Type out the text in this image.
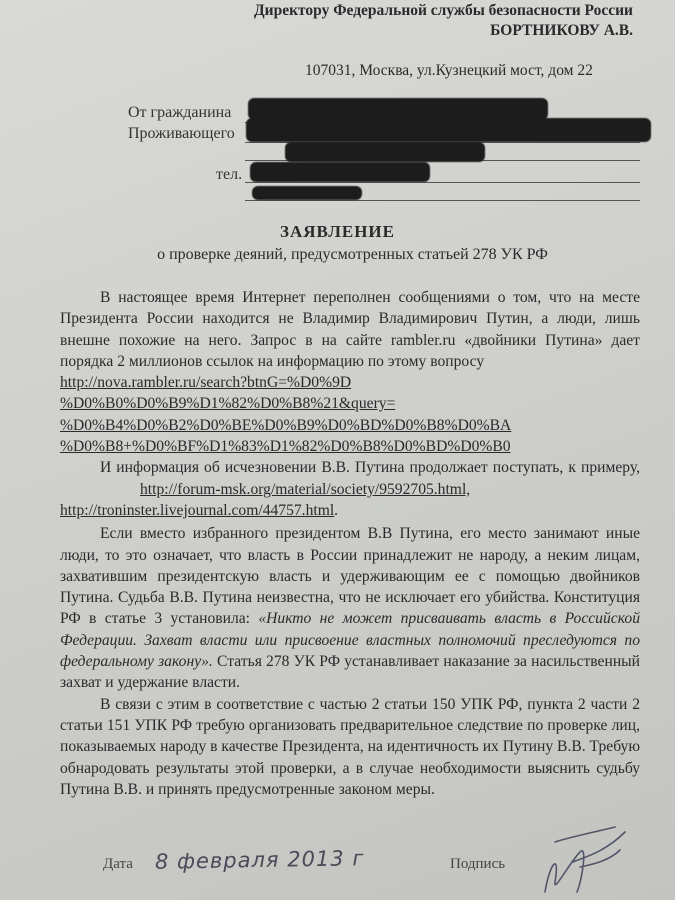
Директору Федеральной службы безопасности России
БОРТНИКОВУ А.В.
107031, Москва, ул.Кузнецкий мост, дом 22
От гражданина
Проживающего
тел.
ЗАЯВЛЕНИЕ
о проверке деяний, предусмотренных статьей 278 УК РФ

В настоящее время Интернет переполнен сообщениями о том, что на месте Президента России находится не Владимир Владимирович Путин, а люди, лишь внешне похожие на него. Запрос в на сайте rambler.ru «двойники Путина» дает порядка 2 миллионов ссылок на информацию по этому вопросу
http://nova.rambler.ru/search?btnG=%D0%9D
%D0%B0%D0%B9%D1%82%D0%B8%21&query=
%D0%B4%D0%B2%D0%BE%D0%B9%D0%BD%D0%B8%D0%BA
%D0%B8+%D0%BF%D1%83%D1%82%D0%B8%D0%BD%D0%B0

И информация об исчезновении В.В. Путина продолжает поступать, к примеру, http://forum-msk.org/material/society/9592705.html,
http://troninster.livejournal.com/44757.html.

Если вместо избранного президентом В.В Путина, его место занимают иные люди, то это означает, что власть в России принадлежит не народу, а неким лицам, захватившим президентскую власть и удерживающим ее с помощью двойников Путина. Судьба В.В. Путина неизвестна, что не исключает его убийства. Конституция РФ в статье 3 установила: «Никто не может присваивать власть в Российской Федерации. Захват власти или присвоение властных полномочий преследуются по федеральному закону». Статья 278 УК РФ устанавливает наказание за насильственный захват и удержание власти.

В связи с этим в соответствие с частью 2 статьи 150 УПК РФ, пункта 2 части 2 статьи 151 УПК РФ требую организовать предварительное следствие по проверке лиц, показываемых народу в качестве Президента, на идентичность их Путину В.В. Требую обнародовать результаты этой проверки, а в случае необходимости выяснить судьбу Путина В.В. и принять предусмотренные законом меры.

Дата 8 февраля 2013 г	Подпись
